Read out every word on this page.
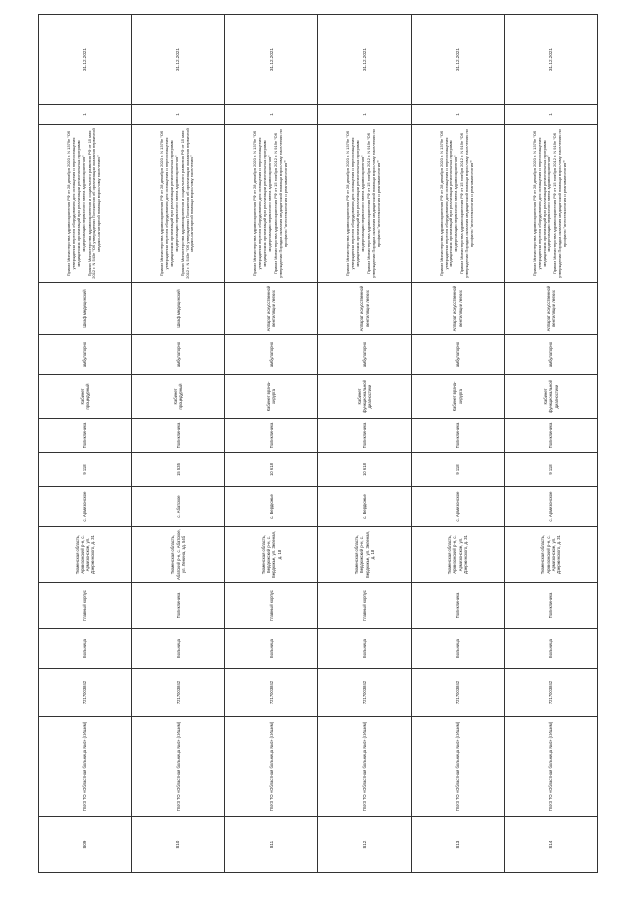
809	ГБУЗ ТО «Областная больница №4» (г.Ишим)	7217003842	Больница	Главный корпус	Тюменская область, Армизонский р-н, с. Армизонское, ул. Дзержинского, д. 31	с. Армизонское	9 118	Поликлиника	Кабинет процедурный	амбулаторно	Шкаф медицинский	Приказ Министерства здравоохранения РФ от 28 декабря 2020 г. N 1379н "Об утверждении перечня оборудования для оснащения и переоснащения медицинских организаций при реализации региональных программ модернизации первичного звена здравоохранения" Приказ Министерства здравоохранения и социального развития РФ от 15 мая 2012 г. N 543н "Об утверждении Положения об организации оказания первичной медико-санитарной помощи взрослому населению"	1	31.12.2021
810	ГБУЗ ТО «Областная больница №4» (г.Ишим)	7217003842	Больница	Поликлиника	Тюменская область, Абатский р-н, с. Абатское, ул. Ленина, зд. 54б	с. Абатское	15 535	Поликлиника	Кабинет процедурный	амбулаторно	Шкаф медицинский	Приказ Министерства здравоохранения РФ от 28 декабря 2020 г. N 1379н "Об утверждении перечня оборудования для оснащения и переоснащения медицинских организаций при реализации региональных программ модернизации первичного звена здравоохранения" Приказ Министерства здравоохранения и социального развития РФ от 15 мая 2012 г. N 543н "Об утверждении Положения об организации оказания первичной медико-санитарной помощи взрослому населению"	1	31.12.2021
811	ГБУЗ ТО «Областная больница №4» (г.Ишим)	7217003842	Больница	Главный корпус	Тюменская область, Бердюжский р-н, с. Бердюжье, ул. Зеленая, д. 18	с. Бердюжье	10 618	Поликлиника	Кабинет врача-хирурга	амбулаторно	Аппарат искусственной вентиляции легких	Приказ Министерства здравоохранения РФ от 28 декабря 2020 г. N 1379н "Об утверждении перечня оборудования для оснащения и переоснащения медицинских организаций при реализации региональных программ модернизации первичного звена здравоохранения" Приказ Министерства здравоохранения РФ от 15 ноября 2012 г. N 919н "Об утверждении Порядка оказания медицинской помощи взрослому населению по профилю "анестезиология и реаниматология""	1	31.12.2021
812	ГБУЗ ТО «Областная больница №4» (г.Ишим)	7217003842	Больница	Главный корпус	Тюменская область, Бердюжский р-н, с. Бердюжье, ул. Зеленая, д. 18	с. Бердюжье	10 618	Поликлиника	Кабинет функциональной диагностики	амбулаторно	Аппарат искусственной вентиляции легких	Приказ Министерства здравоохранения РФ от 28 декабря 2020 г. N 1379н "Об утверждении перечня оборудования для оснащения и переоснащения медицинских организаций при реализации региональных программ модернизации первичного звена здравоохранения" Приказ Министерства здравоохранения РФ от 15 ноября 2012 г. N 919н "Об утверждении Порядка оказания медицинской помощи взрослому населению по профилю "анестезиология и реаниматология""	1	31.12.2021
813	ГБУЗ ТО «Областная больница №4» (г.Ишим)	7217003842	Больница	Поликлиника	Тюменская область, Армизонский р-н, с. Армизонское, ул. Дзержинского, д. 31	с. Армизонское	9 118	Поликлиника	Кабинет врача-хирурга	амбулаторно	Аппарат искусственной вентиляции легких	Приказ Министерства здравоохранения РФ от 28 декабря 2020 г. N 1379н "Об утверждении перечня оборудования для оснащения и переоснащения медицинских организаций при реализации региональных программ модернизации первичного звена здравоохранения" Приказ Министерства здравоохранения РФ от 15 ноября 2012 г. N 919н "Об утверждении Порядка оказания медицинской помощи взрослому населению по профилю "анестезиология и реаниматология""	1	31.12.2021
814	ГБУЗ ТО «Областная больница №4» (г.Ишим)	7217003842	Больница	Поликлиника	Тюменская область, Армизонский р-н, с. Армизонское, ул. Дзержинского, д. 31	с. Армизонское	9 118	Поликлиника	Кабинет функциональной диагностики	амбулаторно	Аппарат искусственной вентиляции легких	Приказ Министерства здравоохранения РФ от 28 декабря 2020 г. N 1379н "Об утверждении перечня оборудования для оснащения и переоснащения медицинских организаций при реализации региональных программ модернизации первичного звена здравоохранения" Приказ Министерства здравоохранения РФ от 15 ноября 2012 г. N 919н "Об утверждении Порядка оказания медицинской помощи взрослому населению по профилю "анестезиология и реаниматология""	1	31.12.2021
